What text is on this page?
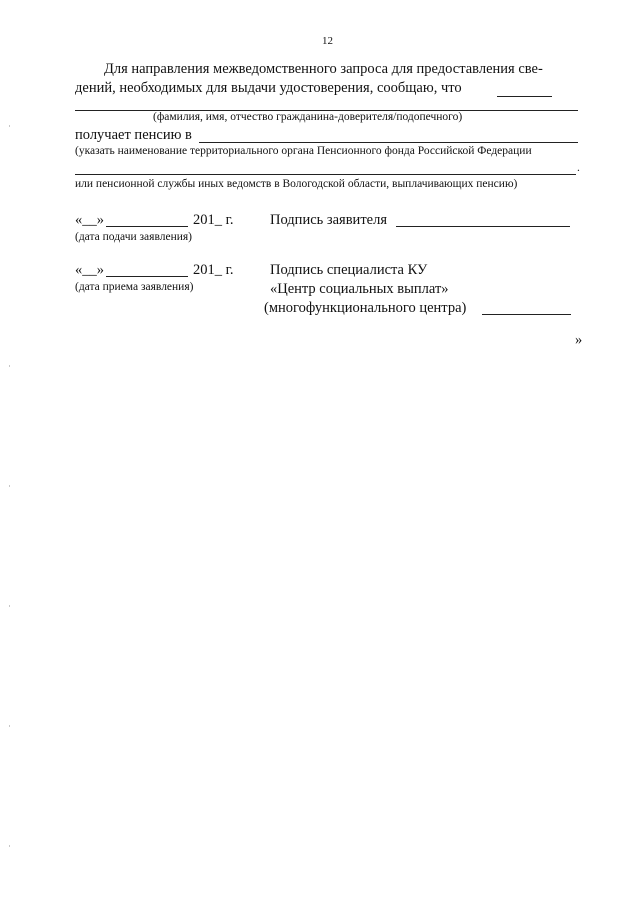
12
Для направления межведомственного запроса для предоставления све-
дений, необходимых для выдачи удостоверения, сообщаю, что
(фамилия, имя, отчество гражданина-доверителя/подопечного)
получает пенсию в
(указать наименование территориального органа Пенсионного фонда Российской Федерации
.
или пенсионной службы иных ведомств в Вологодской области, выплачивающих пенсию)
«__»	201_ г.
(дата подачи заявления)
Подпись заявителя
«__»	201_ г.
(дата приема заявления)
Подпись специалиста КУ
«Центр социальных выплат»
(многофункционального центра)
»
